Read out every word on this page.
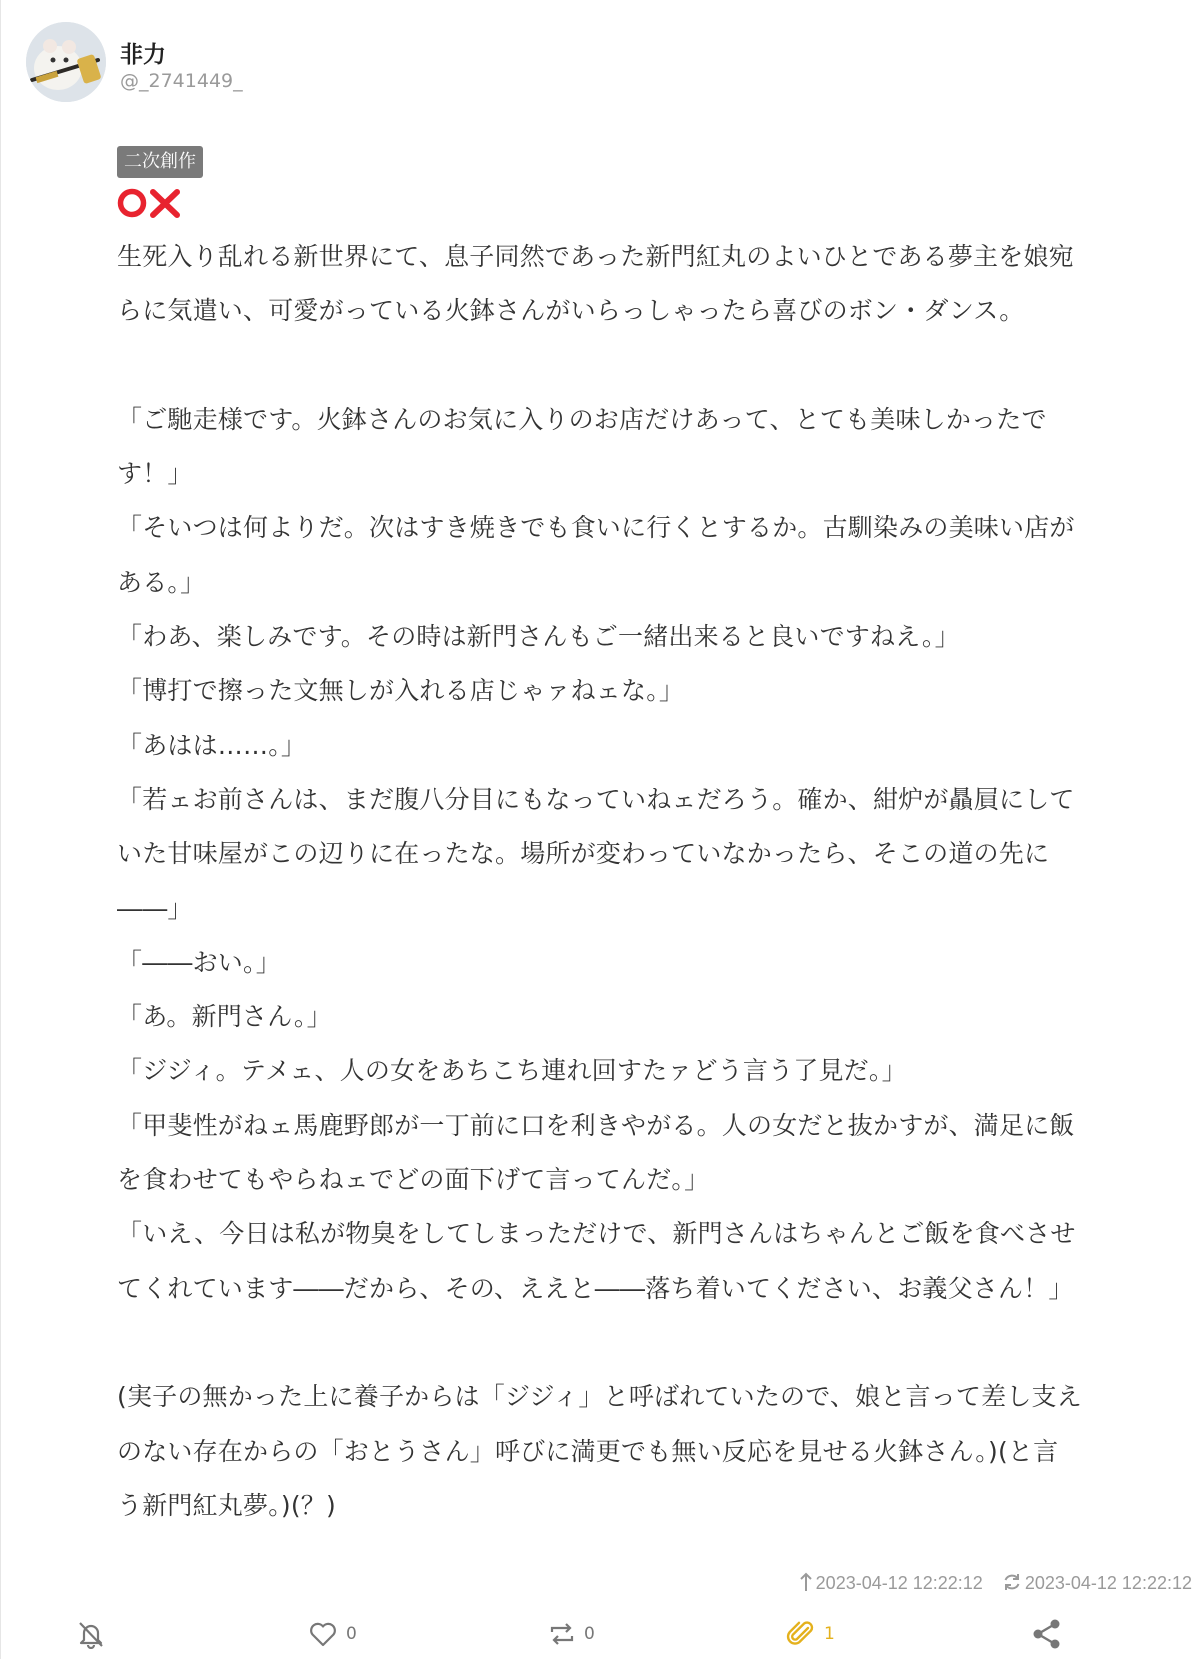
非力
@_2741449_
二次創作
生死入り乱れる新世界にて、息子同然であった新門紅丸のよいひとである夢主を娘宛
らに気遣い、可愛がっている火鉢さんがいらっしゃったら喜びのボン・ダンス。

「ご馳走様です。火鉢さんのお気に入りのお店だけあって、とても美味しかったで
す！」
「そいつは何よりだ。次はすき焼きでも食いに行くとするか。古馴染みの美味い店が
ある。」
「わあ、楽しみです。その時は新門さんもご一緒出来ると良いですねえ。」
「博打で擦った文無しが入れる店じゃァねェな。」
「あはは……。」
「若ェお前さんは、まだ腹八分目にもなっていねェだろう。確か、紺炉が贔屓にして
いた甘味屋がこの辺りに在ったな。場所が変わっていなかったら、そこの道の先に
――」
「――おい。」
「あ。新門さん。」
「ジジィ。テメェ、人の女をあちこち連れ回すたァどう言う了見だ。」
「甲斐性がねェ馬鹿野郎が一丁前に口を利きやがる。人の女だと抜かすが、満足に飯
を食わせてもやらねェでどの面下げて言ってんだ。」
「いえ、今日は私が物臭をしてしまっただけで、新門さんはちゃんとご飯を食べさせ
てくれています――だから、その、ええと――落ち着いてください、お義父さん！」

(実子の無かった上に養子からは「ジジィ」と呼ばれていたので、娘と言って差し支え
のない存在からの「おとうさん」呼びに満更でも無い反応を見せる火鉢さん。)(と言
う新門紅丸夢。)(？)
2023-04-12 12:22:12 2023-04-12 12:22:12
0	0	1
